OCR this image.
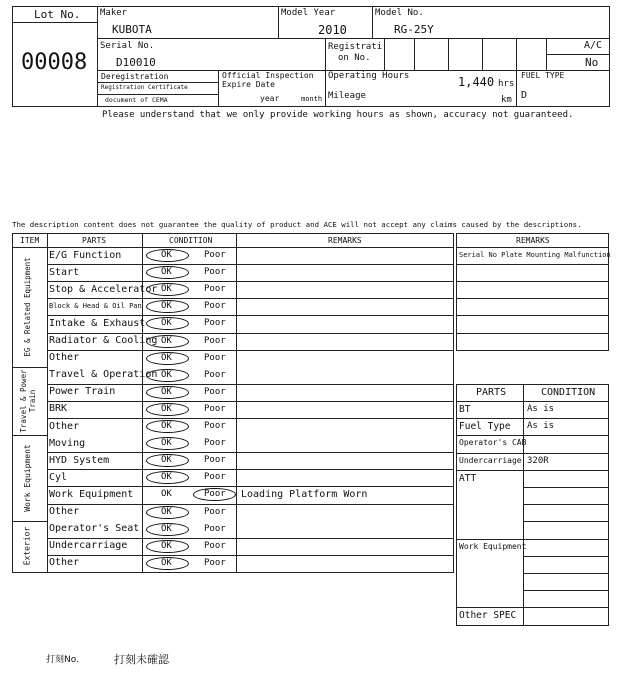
Lot No.
00008
Maker
KUBOTA
Model Year
2010
Model No.
RG-25Y
Serial No.
D10010
Registrati
on No.
A/C
No
Deregistration
Registration Certificate
document of CEMA
Official Inspection
Expire Date
year	month
Operating Hours	1,440 hrs
Mileage	km
FUEL TYPE
D
Please understand that we only provide working hours as shown, accuracy not guaranteed.
The description content does not guarantee the quality of product and ACE will not accept any claims caused by the descriptions.
ITEM	PARTS	CONDITION	REMARKS
EG & Related Equipment
E/G Function	OK	Poor
Start	OK	Poor
Stop & Accelerator OK	Poor
Block & Head & Oil Pan OK	Poor
Intake & Exhaust OK	Poor
Radiator & Cooling OK	Poor
Other	OK	Poor
Travel & Power Train
Travel & Operation OK	Poor
Power Train	OK	Poor
BRK	OK	Poor
Other	OK	Poor
Work Equipment
Moving	OK	Poor
HYD System	OK	Poor
Cyl	OK	Poor
Work Equipment	OK	Poor Loading Platform Worn
Other	OK	Poor
Exterior Operator's Seat OK	Poor
Undercarriage	OK	Poor
Other	OK	Poor
REMARKS
Serial No Plate Mounting Malfunction
PARTS	CONDITION
BT	As is
Fuel Type As is
Operator's CAB
Undercarriage 320R
ATT
Work Equipment
Other SPEC
打刻No.	打刻未確認
